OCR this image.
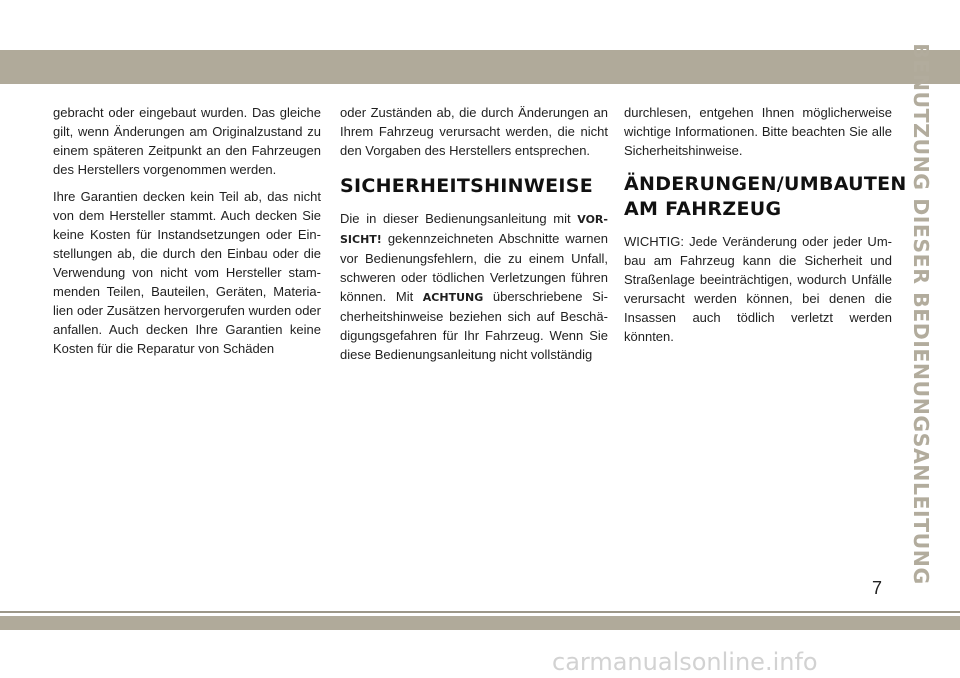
gebracht oder eingebaut wurden. Das gleiche gilt, wenn Änderungen am Originalzustand zu einem späteren Zeitpunkt an den Fahrzeugen des Herstellers vorgenommen werden.

Ihre Garantien decken kein Teil ab, das nicht von dem Hersteller stammt. Auch decken Sie keine Kosten für Instandsetzungen oder Einstellungen ab, die durch den Einbau oder die Verwendung von nicht vom Hersteller stammenden Teilen, Bauteilen, Geräten, Materialien oder Zusätzen hervorgerufen wurden oder anfallen. Auch decken Ihre Garantien keine Kosten für die Reparatur von Schäden

oder Zuständen ab, die durch Änderungen an Ihrem Fahrzeug verursacht werden, die nicht den Vorgaben des Herstellers entsprechen.

SICHERHEITSHINWEISE

Die in dieser Bedienungsanleitung mit VORSICHT! gekennzeichneten Abschnitte warnen vor Bedienungsfehlern, die zu einem Unfall, schweren oder tödlichen Verletzungen führen können. Mit ACHTUNG überschriebene Sicherheitshinweise beziehen sich auf Beschädigungsgefahren für Ihr Fahrzeug. Wenn Sie diese Bedienungsanleitung nicht vollständig

durchlesen, entgehen Ihnen möglicherweise wichtige Informationen. Bitte beachten Sie alle Sicherheitshinweise.

ÄNDERUNGEN/UMBAUTEN AM FAHRZEUG

WICHTIG: Jede Veränderung oder jeder Umbau am Fahrzeug kann die Sicherheit und Straßenlage beeinträchtigen, wodurch Unfälle verursacht werden können, bei denen die Insassen auch tödlich verletzt werden könnten.	BENUTZUNG DIESER BEDIENUNGSANLEITUNG
7
carmanualsonline.info
